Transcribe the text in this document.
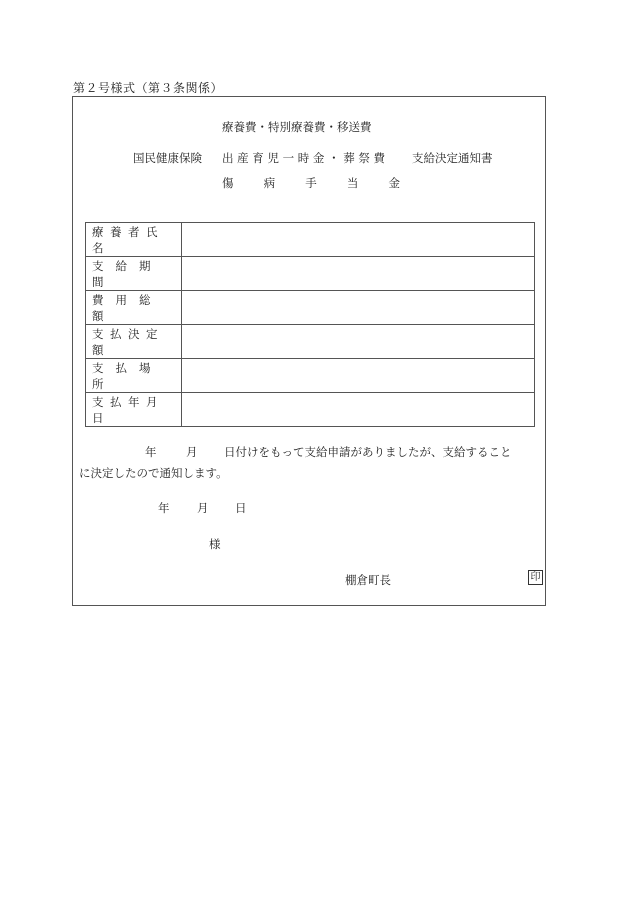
第２号様式（第３条関係）
療養費・特別療養費・移送費
国民健康保険 出 産 育 児 一 時 金 ・ 葬 祭 費 支給決定通知書
傷	病	手	当	金
療養者氏名	

支給期間	
費用総額	
支払決定額	
支払場所	
支払年月日	
年	月 日付けをもって支給申請がありましたが、支給すること
に決定したので通知します。
年 月 日
様
棚倉町長	印
